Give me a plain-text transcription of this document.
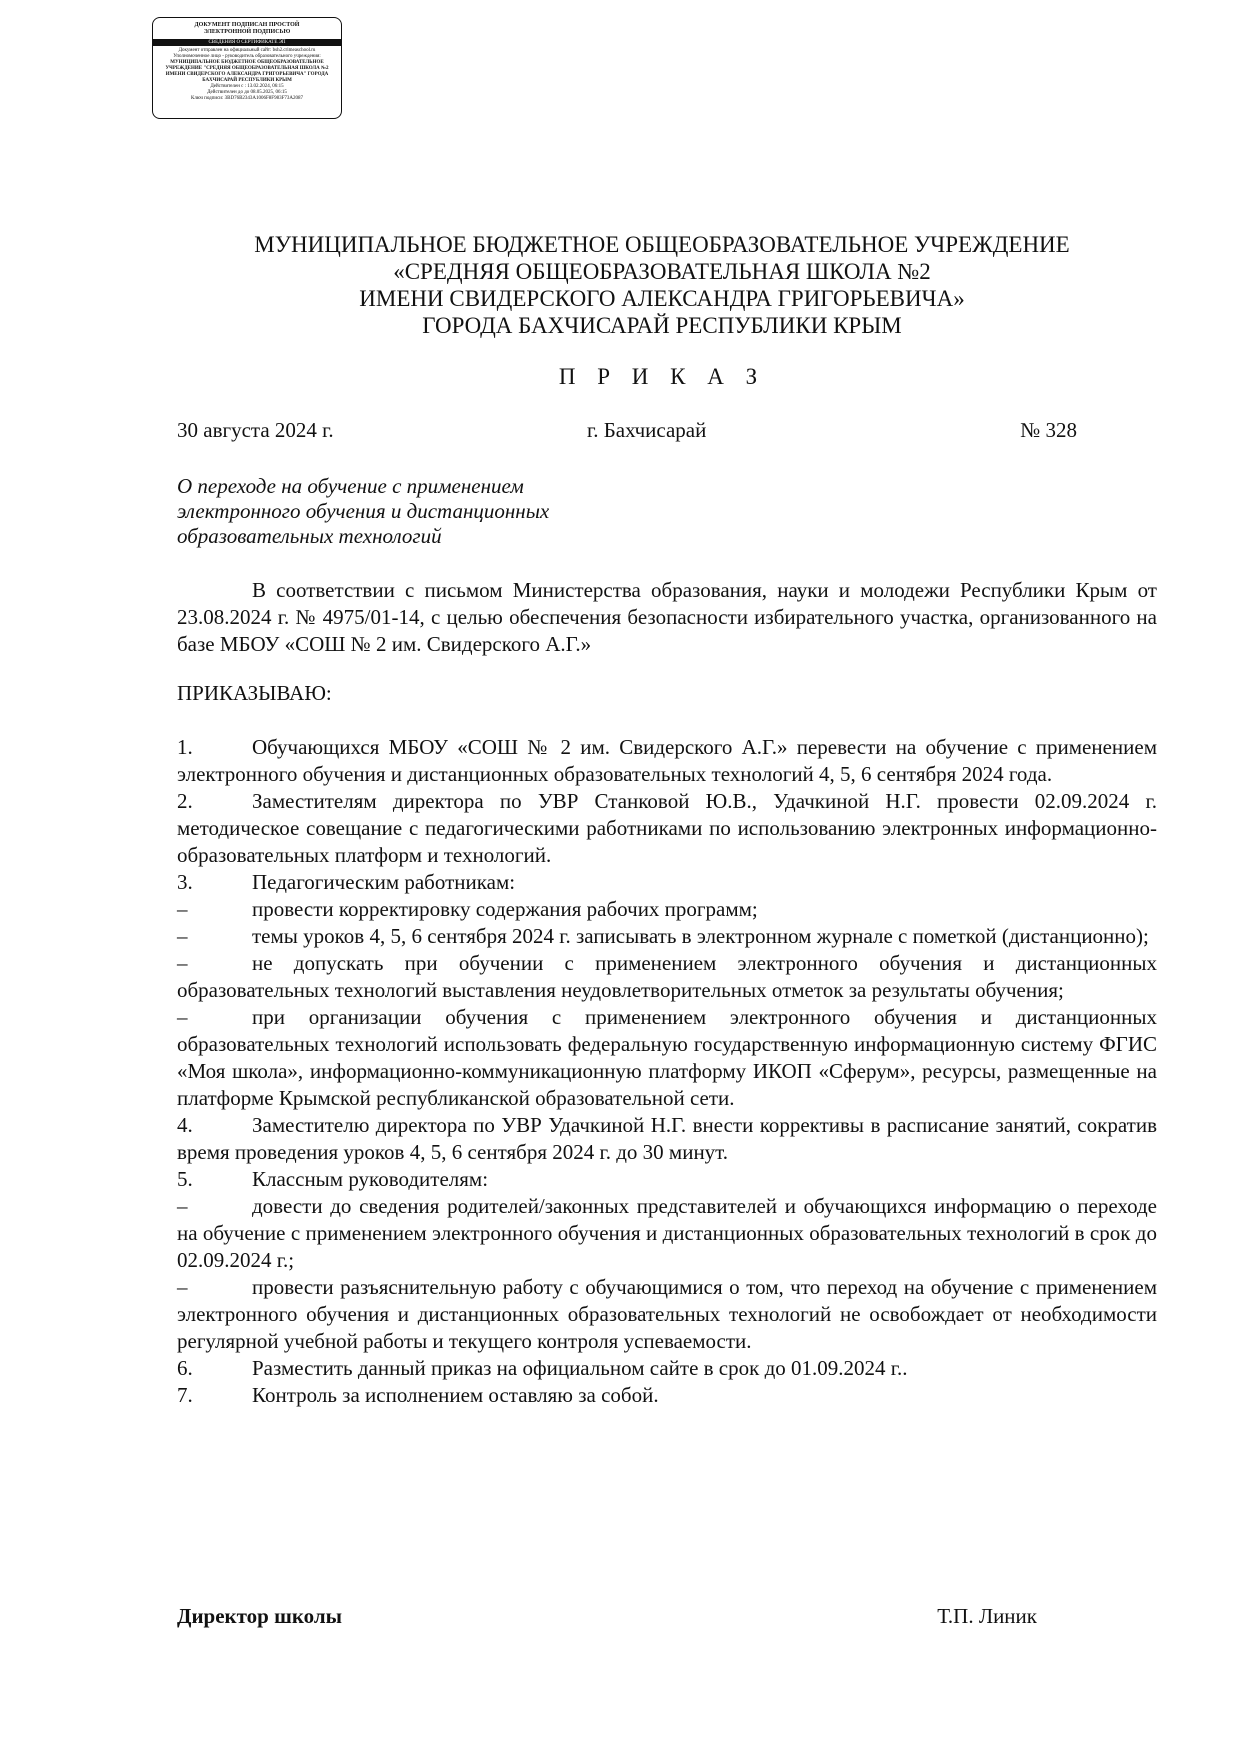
ДОКУМЕНТ ПОДПИСАН ПРОСТОЙ
ЭЛЕКТРОННОЙ ПОДПИСЬЮ
СВЕДЕНИЯ О СЕРТИФИКАТЕ ЭП
Документ отправлен на официальный сайт: bsh2.crimeaschool.ru
Уполномоченное лицо - руководитель образовательного учреждения:
МУНИЦИПАЛЬНОЕ БЮДЖЕТНОЕ ОБЩЕОБРАЗОВАТЕЛЬНОЕ УЧРЕЖДЕНИЕ "СРЕДНЯЯ ОБЩЕОБРАЗОВАТЕЛЬНАЯ ШКОЛА №2 ИМЕНИ СВИДЕРСКОГО АЛЕКСАНДРА ГРИГОРЬЕВИЧА" ГОРОДА БАХЧИСАРАЙ РЕСПУБЛИКИ КРЫМ
Действителен с : 13.02.2024, 06:15
Действителен до до 08.05.2025, 06:15
Ключ подписи: 3BD76B2343A1006F8F983F73A2087
МУНИЦИПАЛЬНОЕ БЮДЖЕТНОЕ ОБЩЕОБРАЗОВАТЕЛЬНОЕ УЧРЕЖДЕНИЕ
«СРЕДНЯЯ ОБЩЕОБРАЗОВАТЕЛЬНАЯ ШКОЛА №2
ИМЕНИ СВИДЕРСКОГО АЛЕКСАНДРА ГРИГОРЬЕВИЧА»
ГОРОДА БАХЧИСАРАЙ РЕСПУБЛИКИ КРЫМ
П Р И К А З
30 августа 2024 г.	г. Бахчисарай	№ 328
О переходе на обучение с применением
электронного обучения и дистанционных
образовательных технологий

В соответствии с письмом Министерства образования, науки и молодежи Республики Крым от 23.08.2024 г. № 4975/01-14, с целью обеспечения безопасности избирательного участка, организованного на базе МБОУ «СОШ № 2 им. Свидерского А.Г.»

ПРИКАЗЫВАЮ:
1.	Обучающихся МБОУ «СОШ № 2 им. Свидерского А.Г.» перевести на обучение с применением электронного обучения и дистанционных образовательных технологий 4, 5, 6 сентября 2024 года.
2.	Заместителям директора по УВР Станковой Ю.В., Удачкиной Н.Г. провести 02.09.2024 г. методическое совещание с педагогическими работниками по использованию электронных информационно-образовательных платформ и технологий.
3.	Педагогическим работникам:
–	провести корректировку содержания рабочих программ;
–	темы уроков 4, 5, 6 сентября 2024 г. записывать в электронном журнале с пометкой (дистанционно);
–	не допускать при обучении с применением электронного обучения и дистанционных образовательных технологий выставления неудовлетворительных отметок за результаты обучения;
–	при организации обучения с применением электронного обучения и дистанционных образовательных технологий использовать федеральную государственную информационную систему ФГИС «Моя школа», информационно-коммуникационную платформу ИКОП «Сферум», ресурсы, размещенные на платформе Крымской республиканской образовательной сети.
4.	Заместителю директора по УВР Удачкиной Н.Г. внести коррективы в расписание занятий, сократив время проведения уроков 4, 5, 6 сентября 2024 г. до 30 минут.
5.	Классным руководителям:
–	довести до сведения родителей/законных представителей и обучающихся информацию о переходе на обучение с применением электронного обучения и дистанционных образовательных технологий в срок до 02.09.2024 г.;
–	провести разъяснительную работу с обучающимися о том, что переход на обучение с применением электронного обучения и дистанционных образовательных технологий не освобождает от необходимости регулярной учебной работы и текущего контроля успеваемости.
6.	Разместить данный приказ на официальном сайте в срок до 01.09.2024 г..
7.	Контроль за исполнением оставляю за собой.
Директор школы	Т.П. Линик
